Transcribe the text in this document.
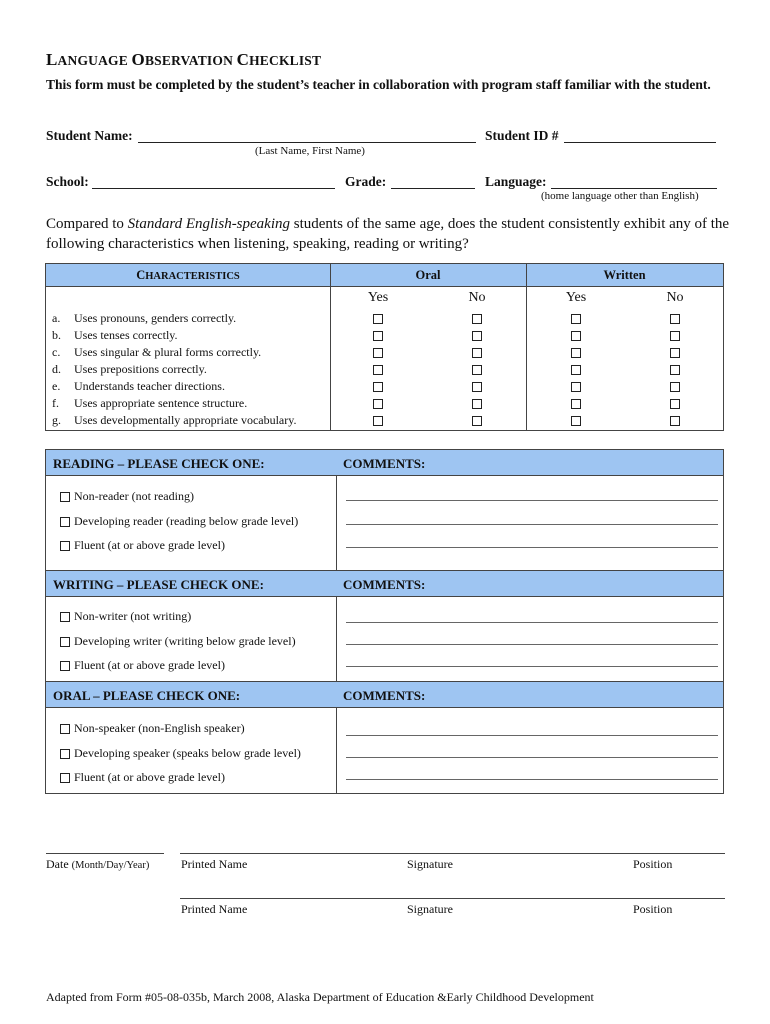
LANGUAGE OBSERVATION CHECKLIST
This form must be completed by the student’s teacher in collaboration with program staff familiar with the student.
Student Name:
(Last Name, First Name)
Student ID #
School:	Grade:	Language:
(home language other than English)
Compared to Standard English-speaking students of the same age, does the student consistently exhibit any of the following characteristics when listening, speaking, reading or writing?
CHARACTERISTICS	Oral	Written
Yes	No	Yes	No
a.	Uses pronouns, genders correctly.
b.	Uses tenses correctly.
c.	Uses singular & plural forms correctly.
d.	Uses prepositions correctly.
e.	Understands teacher directions.
f.	Uses appropriate sentence structure.
g.	Uses developmentally appropriate vocabulary.
READING – PLEASE CHECK ONE:	COMMENTS:
Non-reader (not reading)
Developing reader (reading below grade level)
Fluent (at or above grade level)
WRITING – PLEASE CHECK ONE:	COMMENTS:
Non-writer (not writing)
Developing writer (writing below grade level)
Fluent (at or above grade level)
ORAL – PLEASE CHECK ONE:	COMMENTS:
Non-speaker (non-English speaker)
Developing speaker (speaks below grade level)
Fluent (at or above grade level)
Date (Month/Day/Year)	Printed Name	Signature	Position
Printed Name	Signature	Position
Adapted from Form #05-08-035b, March 2008, Alaska Department of Education &Early Childhood Development
